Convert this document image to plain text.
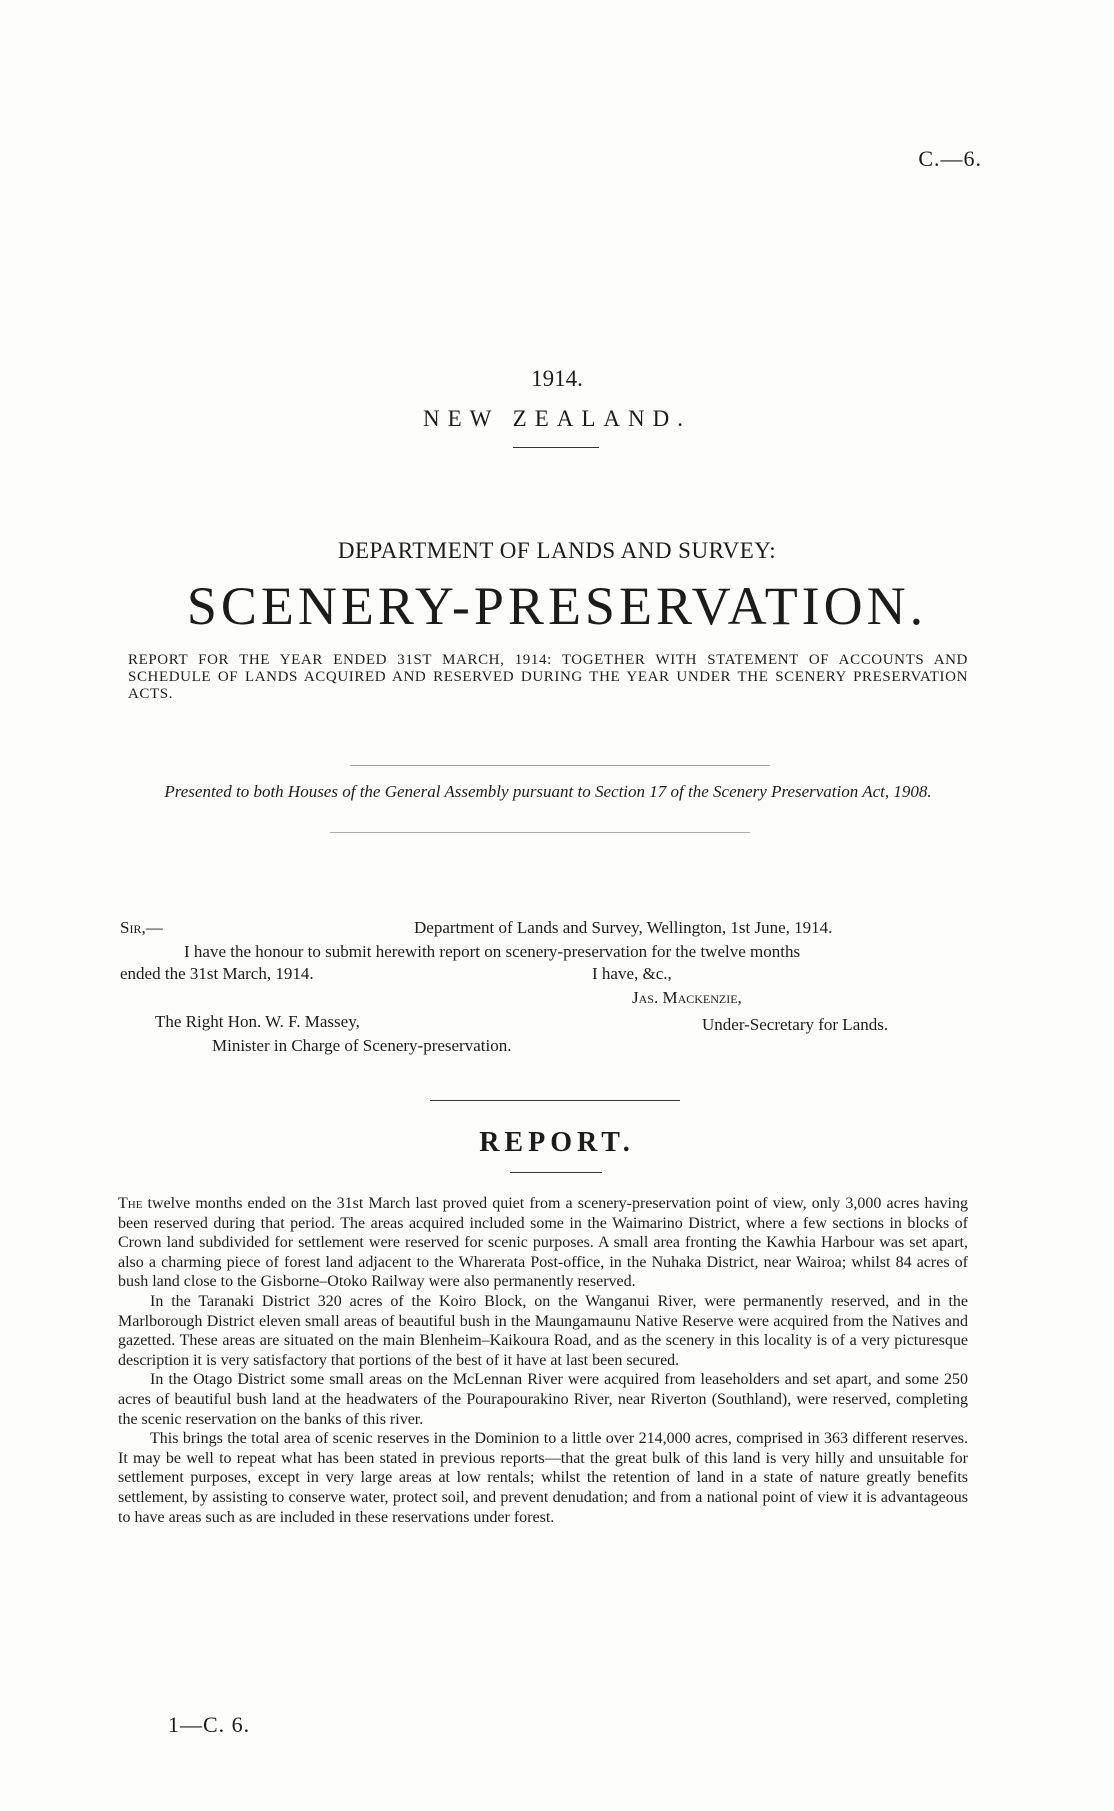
C.—6.
1914.
NEW ZEALAND.
DEPARTMENT OF LANDS AND SURVEY:
SCENERY-PRESERVATION.
REPORT FOR THE YEAR ENDED 31ST MARCH, 1914: TOGETHER WITH STATEMENT OF ACCOUNTS AND SCHEDULE OF LANDS ACQUIRED AND RESERVED DURING THE YEAR UNDER THE SCENERY PRESERVATION ACTS.
Presented to both Houses of the General Assembly pursuant to Section 17 of the Scenery Preservation Act, 1908.
Sir,—	Department of Lands and Survey, Wellington, 1st June, 1914.
I have the honour to submit herewith report on scenery-preservation for the twelve months
ended the 31st March, 1914.	I have, &c.,
Jas. Mackenzie,
The Right Hon. W. F. Massey,	Under-Secretary for Lands.
Minister in Charge of Scenery-preservation.
REPORT.

The twelve months ended on the 31st March last proved quiet from a scenery-preservation point of view, only 3,000 acres having been reserved during that period. The areas acquired included some in the Waimarino District, where a few sections in blocks of Crown land subdivided for settlement were reserved for scenic purposes. A small area fronting the Kawhia Harbour was set apart, also a charming piece of forest land adjacent to the Wharerata Post-office, in the Nuhaka District, near Wairoa; whilst 84 acres of bush land close to the Gisborne–Otoko Railway were also permanently reserved.

In the Taranaki District 320 acres of the Koiro Block, on the Wanganui River, were permanently reserved, and in the Marlborough District eleven small areas of beautiful bush in the Maungamaunu Native Reserve were acquired from the Natives and gazetted. These areas are situated on the main Blenheim–Kaikoura Road, and as the scenery in this locality is of a very picturesque description it is very satisfactory that portions of the best of it have at last been secured.

In the Otago District some small areas on the McLennan River were acquired from leaseholders and set apart, and some 250 acres of beautiful bush land at the headwaters of the Pourapourakino River, near Riverton (Southland), were reserved, completing the scenic reservation on the banks of this river.

This brings the total area of scenic reserves in the Dominion to a little over 214,000 acres, comprised in 363 different reserves. It may be well to repeat what has been stated in previous reports—that the great bulk of this land is very hilly and unsuitable for settlement purposes, except in very large areas at low rentals; whilst the retention of land in a state of nature greatly benefits settlement, by assisting to conserve water, protect soil, and prevent denudation; and from a national point of view it is advantageous to have areas such as are included in these reservations under forest.

1—C. 6.
